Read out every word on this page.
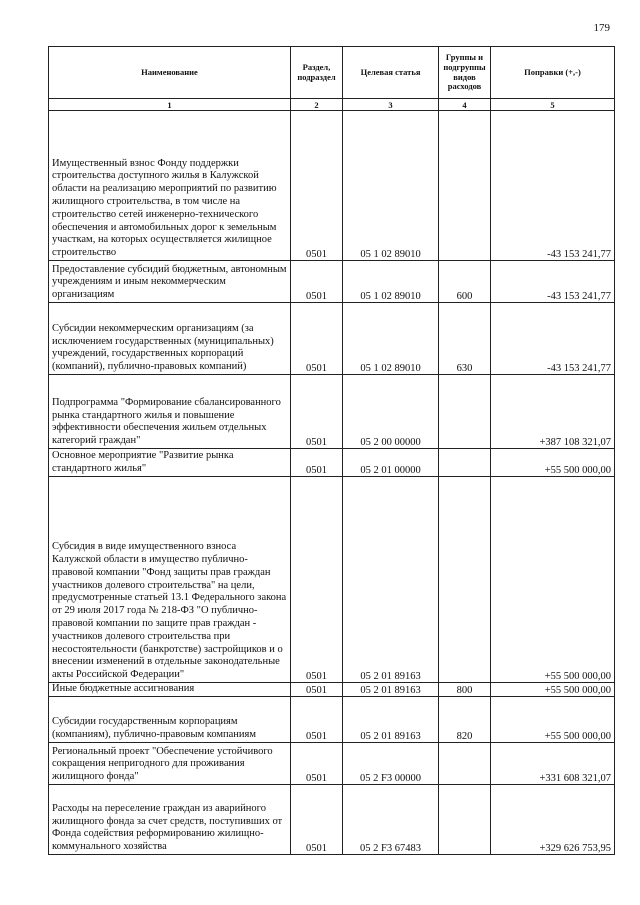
179
Наименование	Раздел, подраздел	Целевая статья	Группы и подгруппы видов расходов	Поправки (+,-)
1	2	3	4	5
Имущественный взнос Фонду поддержки строительства доступного жилья в Калужской области на реализацию мероприятий по развитию жилищного строительства, в том числе на строительство сетей инженерно-технического обеспечения и автомобильных дорог к земельным участкам, на которых осуществляется жилищное строительство	0501	05 1 02 89010		-43 153 241,77
Предоставление субсидий бюджетным, автономным учреждениям и иным некоммерческим организациям	0501	05 1 02 89010	600	-43 153 241,77
Субсидии некоммерческим организациям (за исключением государственных (муниципальных) учреждений, государственных корпораций (компаний), публично-правовых компаний)	0501	05 1 02 89010	630	-43 153 241,77
Подпрограмма "Формирование сбалансированного рынка стандартного жилья и повышение эффективности обеспечения жильем отдельных категорий граждан"	0501	05 2 00 00000		+387 108 321,07
Основное мероприятие "Развитие рынка стандартного жилья"	0501	05 2 01 00000		+55 500 000,00
Субсидия в виде имущественного взноса Калужской области в имущество публично-правовой компании "Фонд защиты прав граждан участников долевого строительства" на цели, предусмотренные статьей 13.1 Федерального закона от 29 июля 2017 года № 218-ФЗ "О публично-правовой компании по защите прав граждан - участников долевого строительства при несостоятельности (банкротстве) застройщиков и о внесении изменений в отдельные законодательные акты Российской Федерации"	0501	05 2 01 89163		+55 500 000,00
Иные бюджетные ассигнования	0501	05 2 01 89163	800	+55 500 000,00
Субсидии государственным корпорациям (компаниям), публично-правовым компаниям	0501	05 2 01 89163	820	+55 500 000,00
Региональный проект "Обеспечение устойчивого сокращения непригодного для проживания жилищного фонда"	0501	05 2 F3 00000		+331 608 321,07
Расходы на переселение граждан из аварийного жилищного фонда за счет средств, поступивших от Фонда содействия реформированию жилищно-коммунального хозяйства	0501	05 2 F3 67483		+329 626 753,95
